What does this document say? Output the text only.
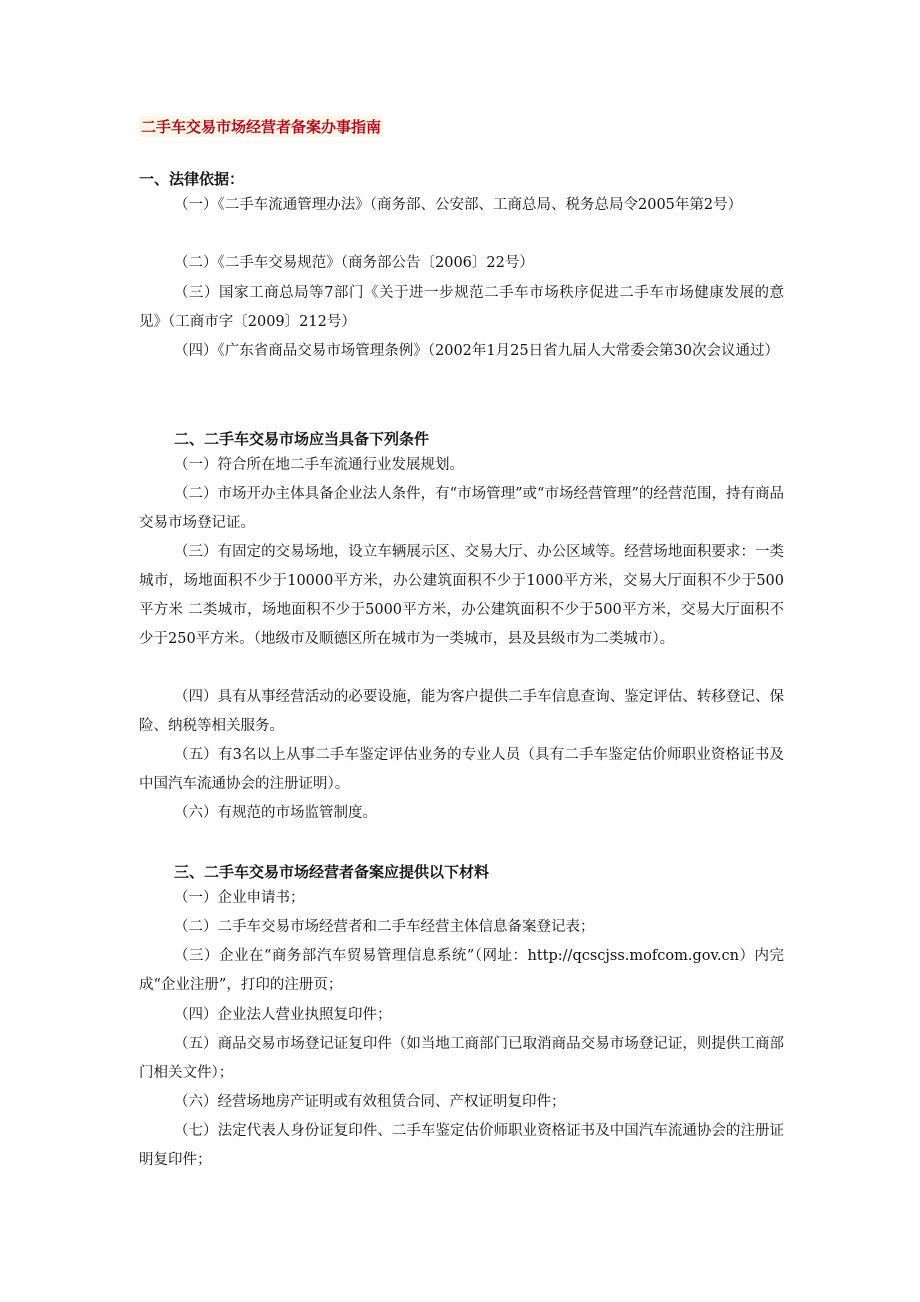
二手车交易市场经营者备案办事指南
一、法律依据：
（一）《二手车流通管理办法》（商务部、公安部、工商总局、税务总局令2005年第2号）
（二）《二手车交易规范》（商务部公告〔2006〕22号）
（三）国家工商总局等7部门《关于进一步规范二手车市场秩序促进二手车市场健康发展的意见》（工商市字〔2009〕212号）
（四）《广东省商品交易市场管理条例》（2002年1月25日省九届人大常委会第30次会议通过）
二、二手车交易市场应当具备下列条件
（一）符合所在地二手车流通行业发展规划。
（二）市场开办主体具备企业法人条件，有“市场管理”或“市场经营管理”的经营范围，持有商品交易市场登记证。
（三）有固定的交易场地，设立车辆展示区、交易大厅、办公区域等。经营场地面积要求：一类城市，场地面积不少于10000平方米，办公建筑面积不少于1000平方米，交易大厅面积不少于500平方米 二类城市，场地面积不少于5000平方米，办公建筑面积不少于500平方米，交易大厅面积不少于250平方米。（地级市及顺德区所在城市为一类城市，县及县级市为二类城市）。
（四）具有从事经营活动的必要设施，能为客户提供二手车信息查询、鉴定评估、转移登记、保险、纳税等相关服务。
（五）有3名以上从事二手车鉴定评估业务的专业人员（具有二手车鉴定估价师职业资格证书及中国汽车流通协会的注册证明）。
（六）有规范的市场监管制度。
三、二手车交易市场经营者备案应提供以下材料
（一）企业申请书；
（二）二手车交易市场经营者和二手车经营主体信息备案登记表；
（三）企业在“商务部汽车贸易管理信息系统”（网址：http://qcscjss.mofcom.gov.cn）内完成“企业注册”，打印的注册页；
（四）企业法人营业执照复印件；
（五）商品交易市场登记证复印件（如当地工商部门已取消商品交易市场登记证，则提供工商部门相关文件）；
（六）经营场地房产证明或有效租赁合同、产权证明复印件；
（七）法定代表人身份证复印件、二手车鉴定估价师职业资格证书及中国汽车流通协会的注册证明复印件；
